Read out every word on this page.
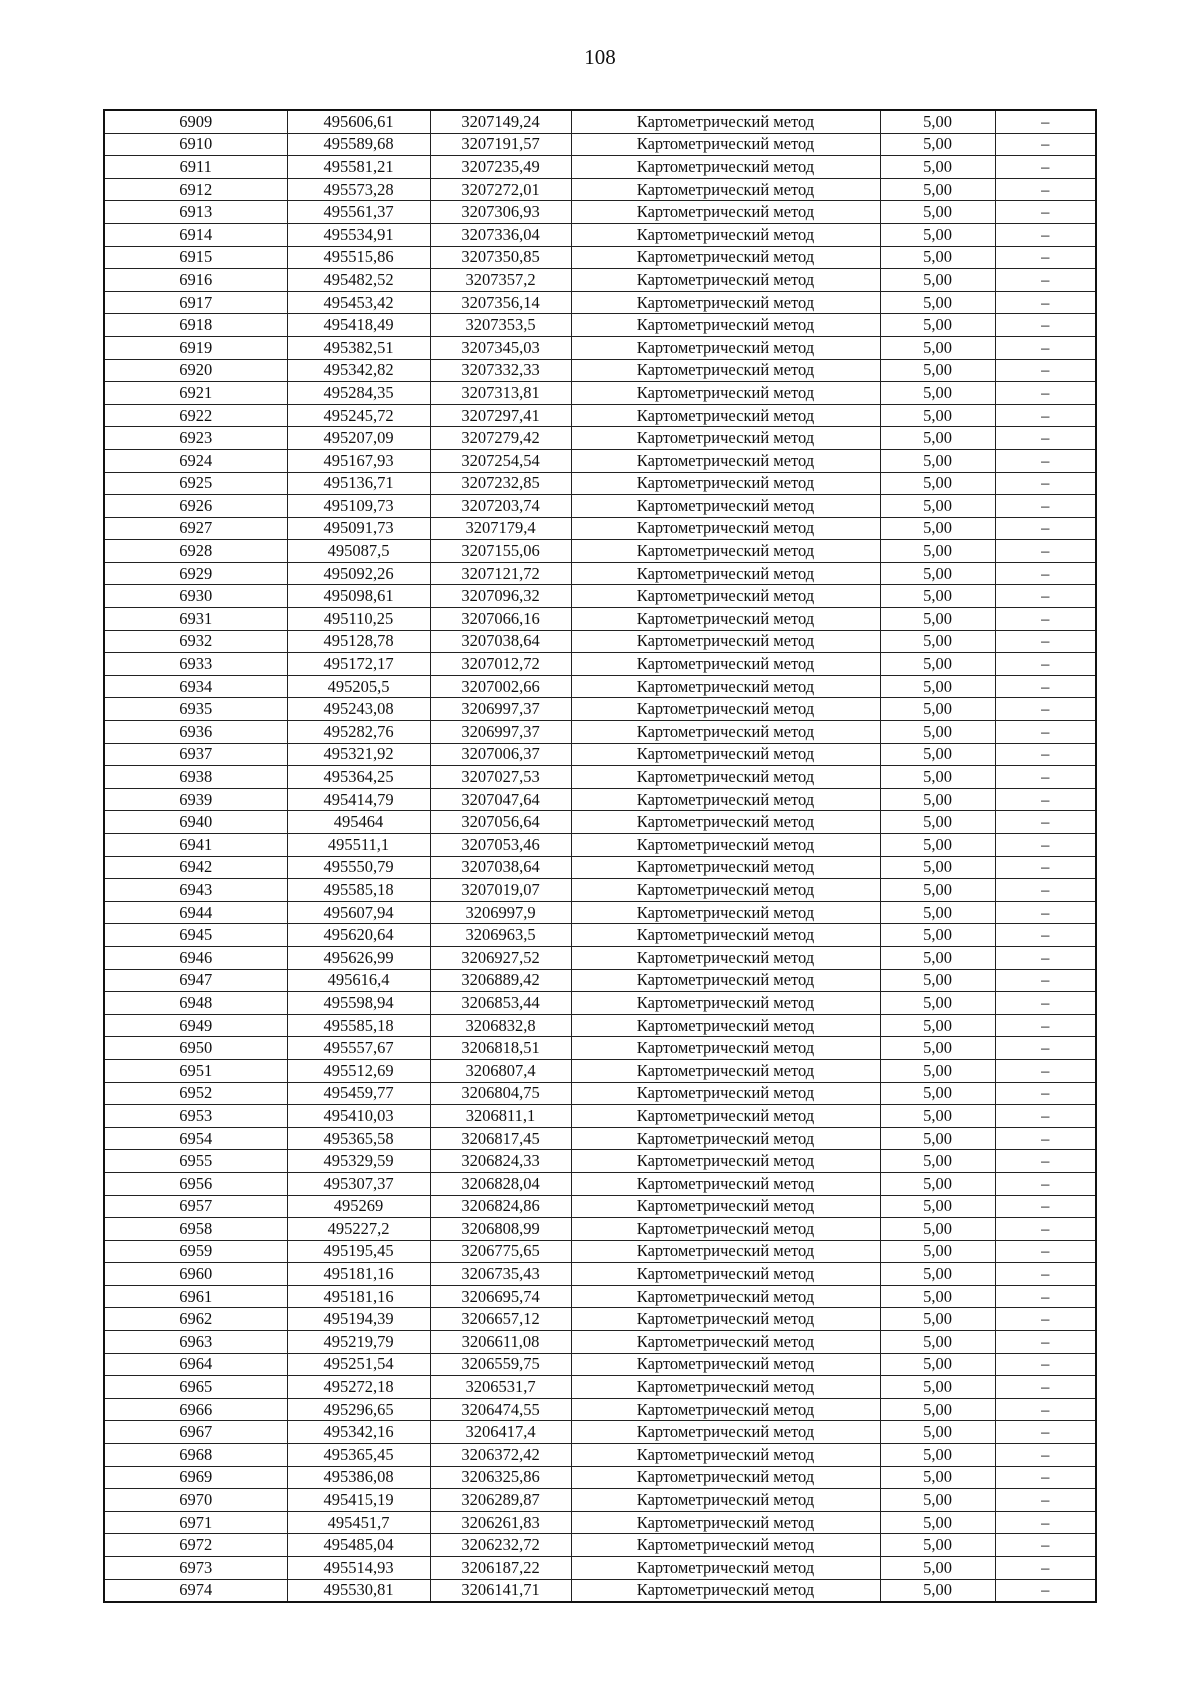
108
6909	495606,61	3207149,24	Картометрический метод	5,00	–
6910	495589,68	3207191,57	Картометрический метод	5,00	–
6911	495581,21	3207235,49	Картометрический метод	5,00	–
6912	495573,28	3207272,01	Картометрический метод	5,00	–
6913	495561,37	3207306,93	Картометрический метод	5,00	–
6914	495534,91	3207336,04	Картометрический метод	5,00	–
6915	495515,86	3207350,85	Картометрический метод	5,00	–
6916	495482,52	3207357,2	Картометрический метод	5,00	–
6917	495453,42	3207356,14	Картометрический метод	5,00	–
6918	495418,49	3207353,5	Картометрический метод	5,00	–
6919	495382,51	3207345,03	Картометрический метод	5,00	–
6920	495342,82	3207332,33	Картометрический метод	5,00	–
6921	495284,35	3207313,81	Картометрический метод	5,00	–
6922	495245,72	3207297,41	Картометрический метод	5,00	–
6923	495207,09	3207279,42	Картометрический метод	5,00	–
6924	495167,93	3207254,54	Картометрический метод	5,00	–
6925	495136,71	3207232,85	Картометрический метод	5,00	–
6926	495109,73	3207203,74	Картометрический метод	5,00	–
6927	495091,73	3207179,4	Картометрический метод	5,00	–
6928	495087,5	3207155,06	Картометрический метод	5,00	–
6929	495092,26	3207121,72	Картометрический метод	5,00	–
6930	495098,61	3207096,32	Картометрический метод	5,00	–
6931	495110,25	3207066,16	Картометрический метод	5,00	–
6932	495128,78	3207038,64	Картометрический метод	5,00	–
6933	495172,17	3207012,72	Картометрический метод	5,00	–
6934	495205,5	3207002,66	Картометрический метод	5,00	–
6935	495243,08	3206997,37	Картометрический метод	5,00	–
6936	495282,76	3206997,37	Картометрический метод	5,00	–
6937	495321,92	3207006,37	Картометрический метод	5,00	–
6938	495364,25	3207027,53	Картометрический метод	5,00	–
6939	495414,79	3207047,64	Картометрический метод	5,00	–
6940	495464	3207056,64	Картометрический метод	5,00	–
6941	495511,1	3207053,46	Картометрический метод	5,00	–
6942	495550,79	3207038,64	Картометрический метод	5,00	–
6943	495585,18	3207019,07	Картометрический метод	5,00	–
6944	495607,94	3206997,9	Картометрический метод	5,00	–
6945	495620,64	3206963,5	Картометрический метод	5,00	–
6946	495626,99	3206927,52	Картометрический метод	5,00	–
6947	495616,4	3206889,42	Картометрический метод	5,00	–
6948	495598,94	3206853,44	Картометрический метод	5,00	–
6949	495585,18	3206832,8	Картометрический метод	5,00	–
6950	495557,67	3206818,51	Картометрический метод	5,00	–
6951	495512,69	3206807,4	Картометрический метод	5,00	–
6952	495459,77	3206804,75	Картометрический метод	5,00	–
6953	495410,03	3206811,1	Картометрический метод	5,00	–
6954	495365,58	3206817,45	Картометрический метод	5,00	–
6955	495329,59	3206824,33	Картометрический метод	5,00	–
6956	495307,37	3206828,04	Картометрический метод	5,00	–
6957	495269	3206824,86	Картометрический метод	5,00	–
6958	495227,2	3206808,99	Картометрический метод	5,00	–
6959	495195,45	3206775,65	Картометрический метод	5,00	–
6960	495181,16	3206735,43	Картометрический метод	5,00	–
6961	495181,16	3206695,74	Картометрический метод	5,00	–
6962	495194,39	3206657,12	Картометрический метод	5,00	–
6963	495219,79	3206611,08	Картометрический метод	5,00	–
6964	495251,54	3206559,75	Картометрический метод	5,00	–
6965	495272,18	3206531,7	Картометрический метод	5,00	–
6966	495296,65	3206474,55	Картометрический метод	5,00	–
6967	495342,16	3206417,4	Картометрический метод	5,00	–
6968	495365,45	3206372,42	Картометрический метод	5,00	–
6969	495386,08	3206325,86	Картометрический метод	5,00	–
6970	495415,19	3206289,87	Картометрический метод	5,00	–
6971	495451,7	3206261,83	Картометрический метод	5,00	–
6972	495485,04	3206232,72	Картометрический метод	5,00	–
6973	495514,93	3206187,22	Картометрический метод	5,00	–
6974	495530,81	3206141,71	Картометрический метод	5,00	–
